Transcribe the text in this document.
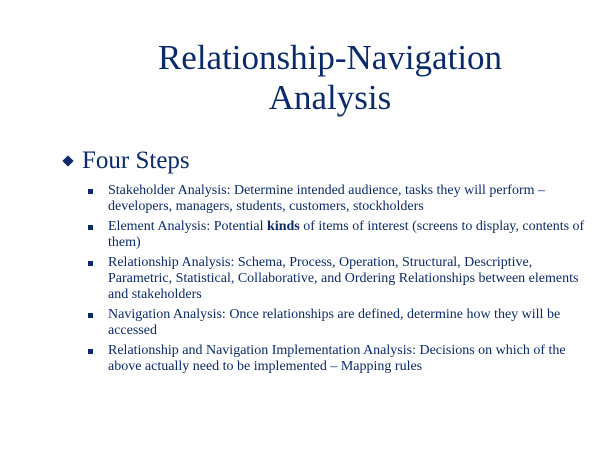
Relationship-Navigation
Analysis
Four Steps
Stakeholder Analysis: Determine intended audience, tasks they will perform – developers, managers, students, customers, stockholders
Element Analysis: Potential kinds of items of interest (screens to display, contents of them)
Relationship Analysis: Schema, Process, Operation, Structural, Descriptive, Parametric, Statistical, Collaborative, and Ordering Relationships between elements and stakeholders
Navigation Analysis: Once relationships are defined, determine how they will be accessed
Relationship and Navigation Implementation Analysis: Decisions on which of the above actually need to be implemented – Mapping rules
